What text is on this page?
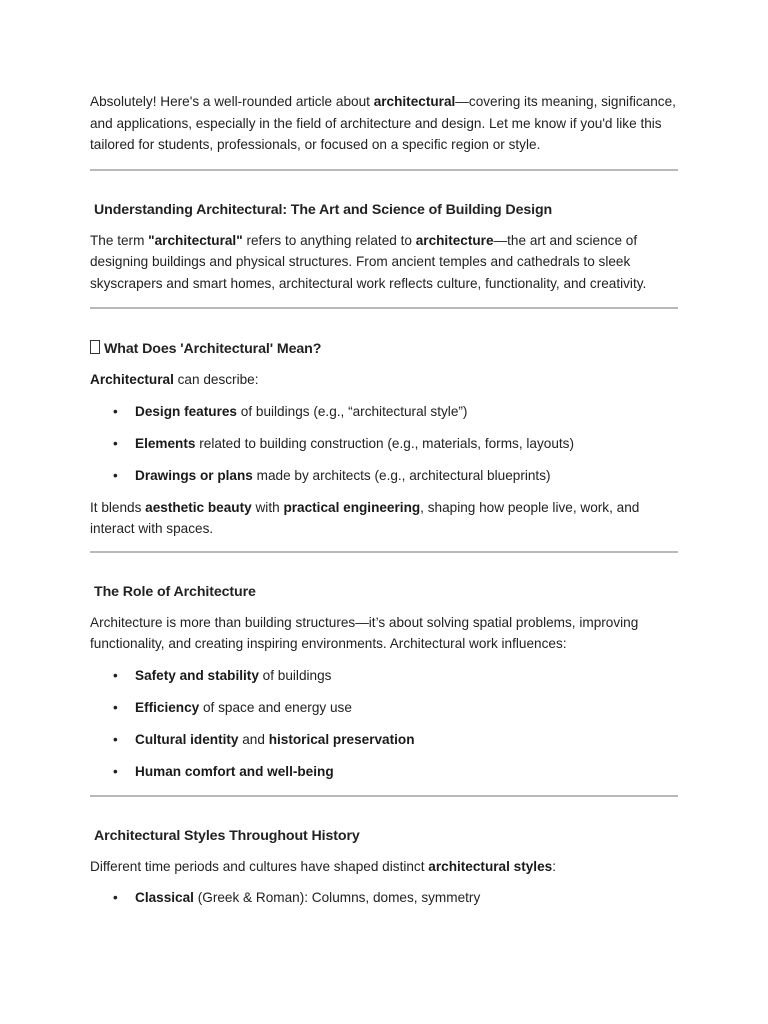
Absolutely! Here's a well-rounded article about architectural—covering its meaning, significance, and applications, especially in the field of architecture and design. Let me know if you'd like this tailored for students, professionals, or focused on a specific region or style.

Understanding Architectural: The Art and Science of Building Design

The term "architectural" refers to anything related to architecture—the art and science of designing buildings and physical structures. From ancient temples and cathedrals to sleek skyscrapers and smart homes, architectural work reflects culture, functionality, and creativity.

What Does 'Architectural' Mean?

Architectural can describe:

• Design features of buildings (e.g., “architectural style”)
• Elements related to building construction (e.g., materials, forms, layouts)
• Drawings or plans made by architects (e.g., architectural blueprints)

It blends aesthetic beauty with practical engineering, shaping how people live, work, and interact with spaces.

The Role of Architecture

Architecture is more than building structures—it’s about solving spatial problems, improving functionality, and creating inspiring environments. Architectural work influences:

• Safety and stability of buildings
• Efficiency of space and energy use
• Cultural identity and historical preservation
• Human comfort and well-being
Architectural Styles Throughout History

Different time periods and cultures have shaped distinct architectural styles:

• Classical (Greek & Roman): Columns, domes, symmetry
